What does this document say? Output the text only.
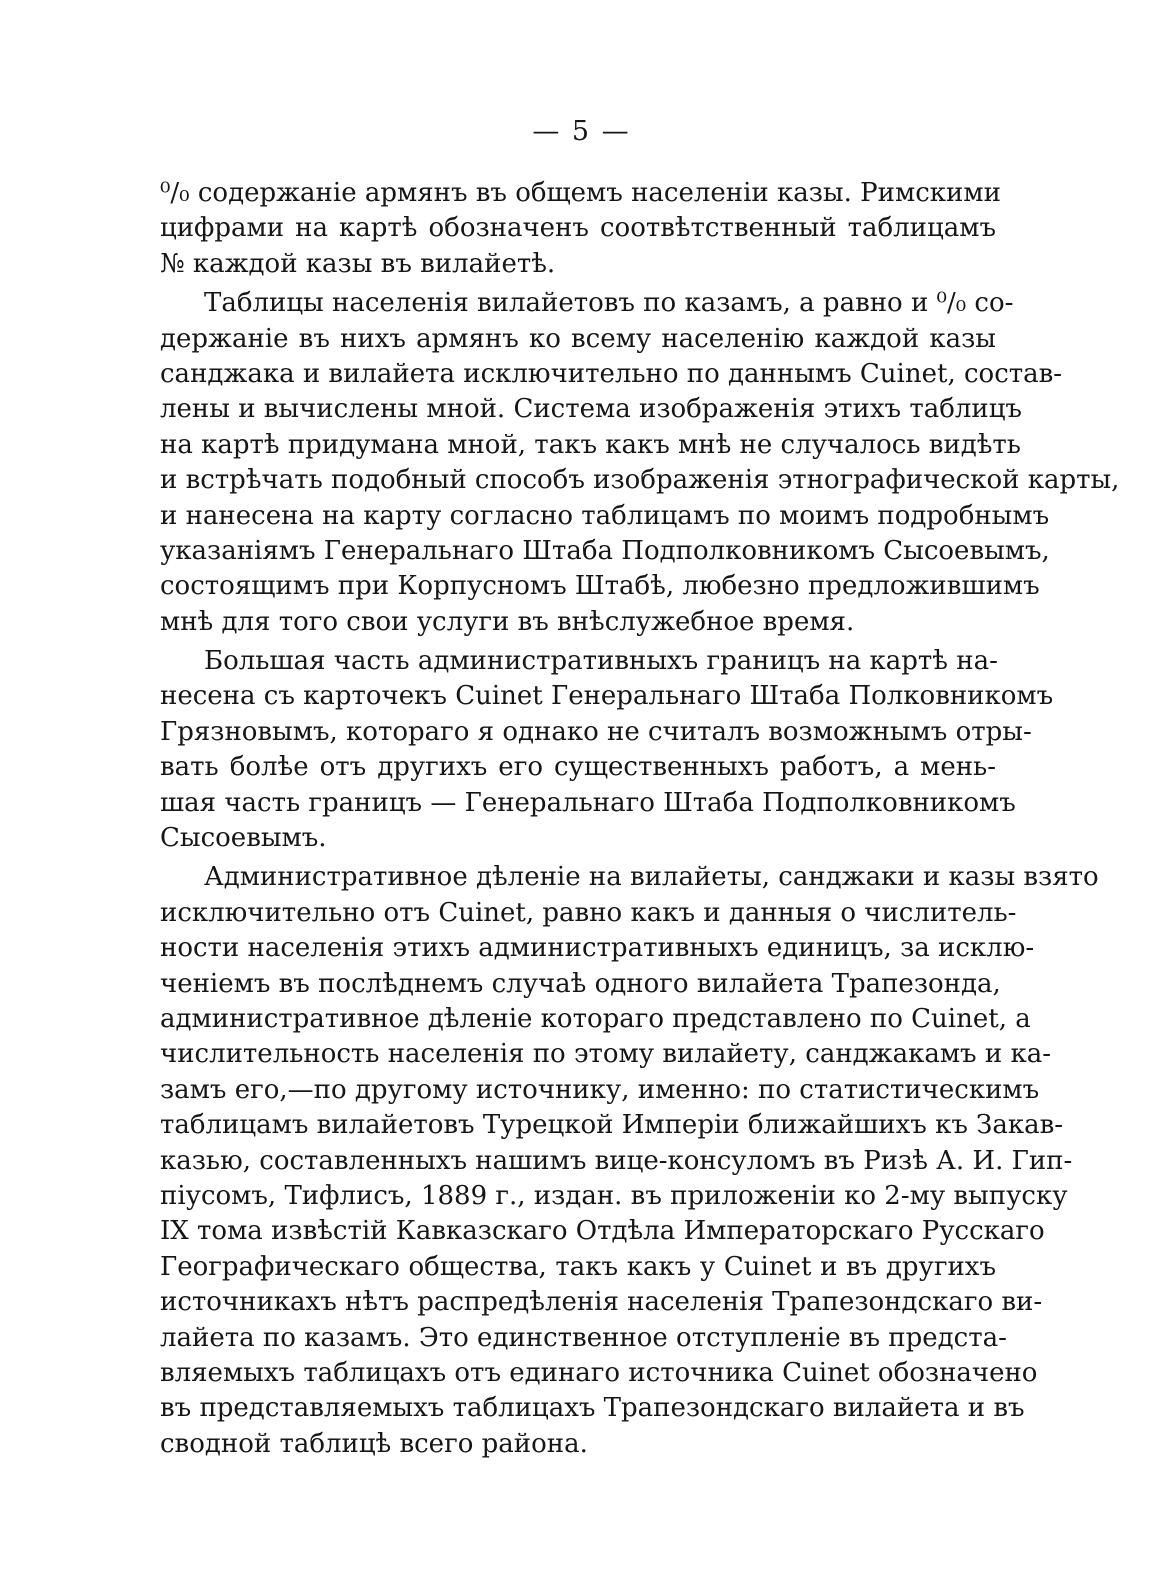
— 5 —
⁰/₀ содержанiе армянъ въ общемъ населенiи казы. Римскими
цифрами на картѣ обозначенъ соотвѣтственный таблицамъ
№ каждой казы въ вилайетѣ.
Таблицы населенiя вилайетовъ по казамъ, а равно и ⁰/₀ со-
держанiе въ нихъ армянъ ко всему населенiю каждой казы
санджака и вилайета исключительно по даннымъ Cuinet, состав-
лены и вычислены мной. Система изображенiя этихъ таблицъ
на картѣ придумана мной, такъ какъ мнѣ не случалось видѣть
и встрѣчать подобный способъ изображенiя этнографической карты,
и нанесена на карту согласно таблицамъ по моимъ подробнымъ
указанiямъ Генеральнаго Штаба Подполковникомъ Сысоевымъ,
состоящимъ при Корпусномъ Штабѣ, любезно предложившимъ
мнѣ для того свои услуги въ внѣслужебное время.
Большая часть административныхъ границъ на картѣ на-
несена съ карточекъ Cuinet Генеральнаго Штаба Полковникомъ
Грязновымъ, котораго я однако не считалъ возможнымъ отры-
вать болѣе отъ другихъ его существенныхъ работъ, а мень-
шая часть границъ — Генеральнаго Штаба Подполковникомъ
Сысоевымъ.
Административное дѣленiе на вилайеты, санджаки и казы взято
исключительно отъ Cuinet, равно какъ и данныя о числитель-
ности населенiя этихъ административныхъ единицъ, за исклю-
ченiемъ въ послѣднемъ случаѣ одного вилайета Трапезонда,
административное дѣленiе котораго представлено по Cuinet, а
числительность населенiя по этому вилайету, санджакамъ и ка-
замъ его,—по другому источнику, именно: по статистическимъ
таблицамъ вилайетовъ Турецкой Имперiи ближайшихъ къ Закав-
казью, составленныхъ нашимъ вице-консуломъ въ Ризѣ А. И. Гип-
пiусомъ, Тифлисъ, 1889 г., издан. въ приложенiи ко 2-му выпуску
IX тома извѣстiй Кавказскаго Отдѣла Императорскаго Русскаго
Географическаго общества, такъ какъ у Cuinet и въ другихъ
источникахъ нѣтъ распредѣленiя населенiя Трапезондскаго ви-
лайета по казамъ. Это единственное отступленiе въ предста-
вляемыхъ таблицахъ отъ единаго источника Cuinet обозначено
въ представляемыхъ таблицахъ Трапезондскаго вилайета и въ
сводной таблицѣ всего района.
